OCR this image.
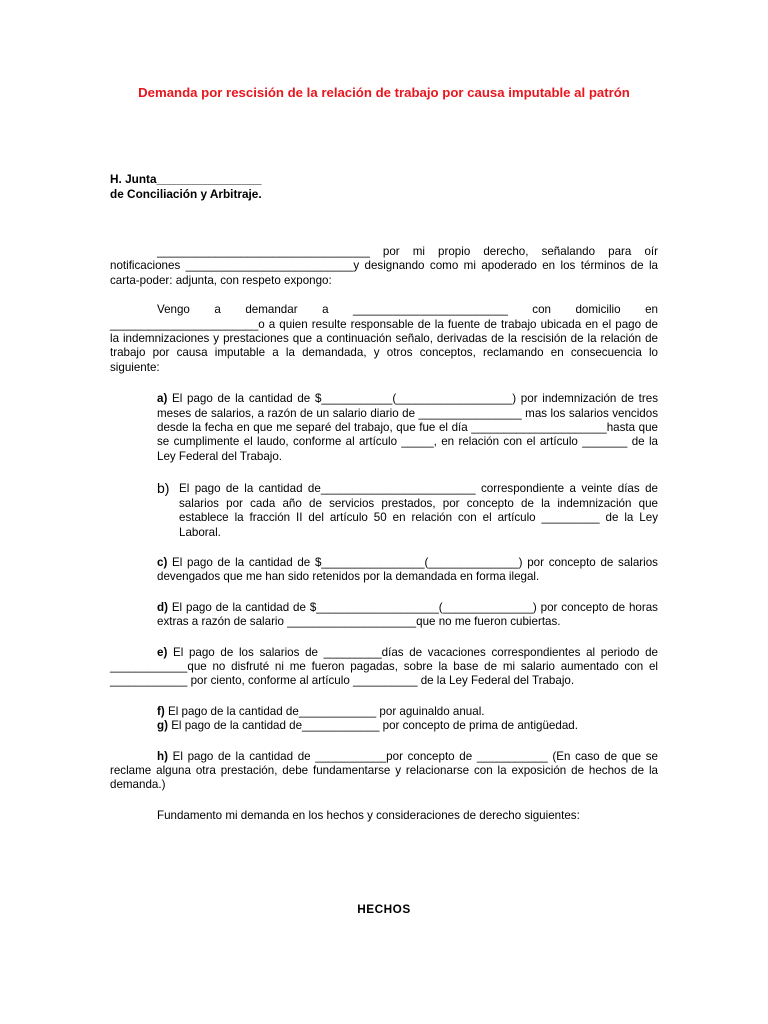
Demanda por rescisión de la relación de trabajo por causa imputable al patrón
H. Junta________________
de Conciliación y Arbitraje.

_________________________________ por mi propio derecho, señalando para oír notificaciones __________________________y designando como mi apoderado en los términos de la carta-poder: adjunta, con respeto expongo:

Vengo a demandar a ________________________ con domicilio en _______________________o a quien resulte responsable de la fuente de trabajo ubicada en el pago de la indemnizaciones y prestaciones que a continuación señalo, derivadas de la rescisión de la relación de trabajo por causa imputable a la demandada, y otros conceptos, reclamando en consecuencia lo siguiente:

a) El pago de la cantidad de $___________(__________________) por indemnización de tres meses de salarios, a razón de un salario diario de ________________ mas los salarios vencidos desde la fecha en que me separé del trabajo, que fue el día _____________________hasta que se cumplimente el laudo, conforme al artículo _____, en relación con el artículo _______ de la Ley Federal del Trabajo.

b) El pago de la cantidad de________________________ correspondiente a veinte días de salarios por cada año de servicios prestados, por concepto de la indemnización que establece la fracción II del artículo 50 en relación con el artículo _________ de la Ley Laboral.

c) El pago de la cantidad de $________________(______________) por concepto de salarios devengados que me han sido retenidos por la demandada en forma ilegal.

d) El pago de la cantidad de $___________________(______________) por concepto de horas extras a razón de salario ____________________que no me fueron cubiertas.

e) El pago de los salarios de _________días de vacaciones correspondientes al periodo de ____________que no disfruté ni me fueron pagadas, sobre la base de mi salario aumentado con el ____________ por ciento, conforme al artículo __________ de la Ley Federal del Trabajo.

f) El pago de la cantidad de____________ por aguinaldo anual.

g) El pago de la cantidad de____________ por concepto de prima de antigüedad.

h) El pago de la cantidad de ___________por concepto de ___________ (En caso de que se reclame alguna otra prestación, debe fundamentarse y relacionarse con la exposición de hechos de la demanda.)

Fundamento mi demanda en los hechos y consideraciones de derecho siguientes:

HECHOS
